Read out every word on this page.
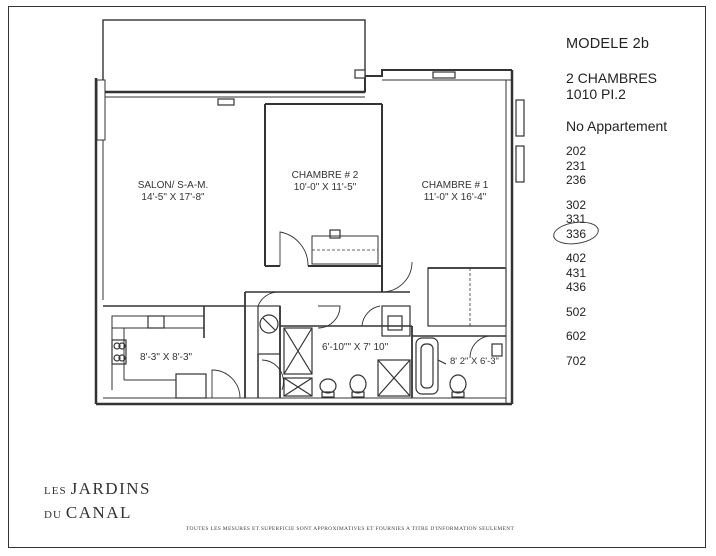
SALON/ S-A-M.
14'-5" X 17'-8"
CHAMBRE # 2
10'-0" X 11'-5"	CHAMBRE # 1
11'-0" X 16'-4"
8'-3" X 8'-3"
6'-10"" X 7' 10"
8' 2" X 6'-3"
MODELE 2b
2 CHAMBRES
1010 PI.2
No Appartement
202
231
236
302
331
336
402
431
436
502
602
702
LES JARDINS
DU CANAL
TOUTES LES MESURES ET SUPERFICIE SONT APPROXIMATIVES ET FOURNIES A TITRE D'INFORMATION SEULEMENT
